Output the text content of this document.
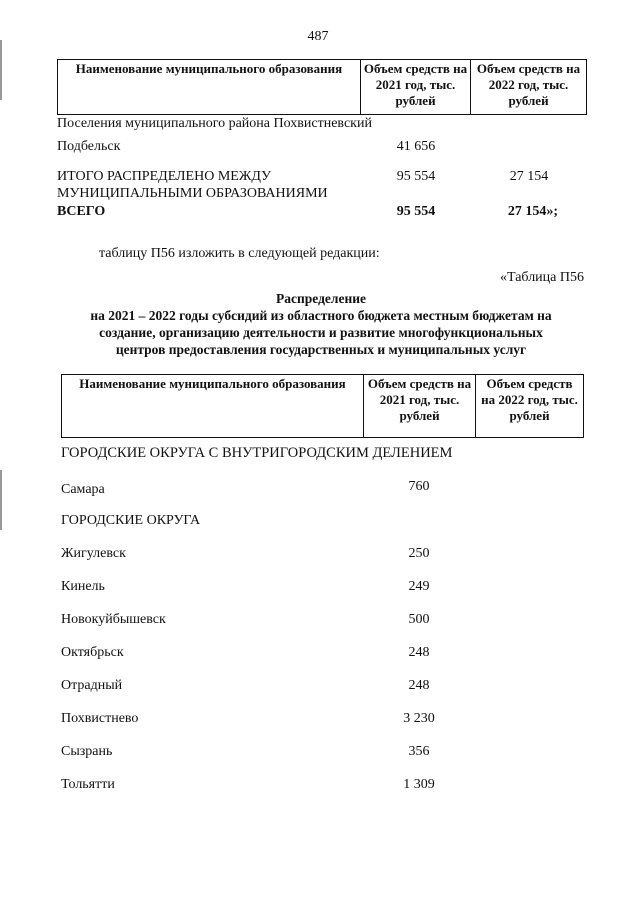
487
Наименование муниципального образования	Объем средств на 2021 год, тыс. рублей	Объем средств на 2022 год, тыс. рублей
Поселения муниципального района Похвистневский
Подбельск	41 656
ИТОГО РАСПРЕДЕЛЕНО МЕЖДУ
МУНИЦИПАЛЬНЫМИ ОБРАЗОВАНИЯМИ
95 554	27 154
ВСЕГО	95 554	27 154»;
таблицу П56 изложить в следующей редакции:
«Таблица П56
Распределение
на 2021 – 2022 годы субсидий из областного бюджета местным бюджетам на
создание, организацию деятельности и развитие многофункциональных
центров предоставления государственных и муниципальных услуг
Наименование муниципального образования	Объем средств на 2021 год, тыс. рублей	Объем средств на 2022 год, тыс. рублей
ГОРОДСКИЕ ОКРУГА С ВНУТРИГОРОДСКИМ ДЕЛЕНИЕМ
Самара	760
ГОРОДСКИЕ ОКРУГА
Жигулевск	250
Кинель	249
Новокуйбышевск	500
Октябрьск	248
Отрадный	248
Похвистнево	3 230
Сызрань	356
Тольятти	1 309
